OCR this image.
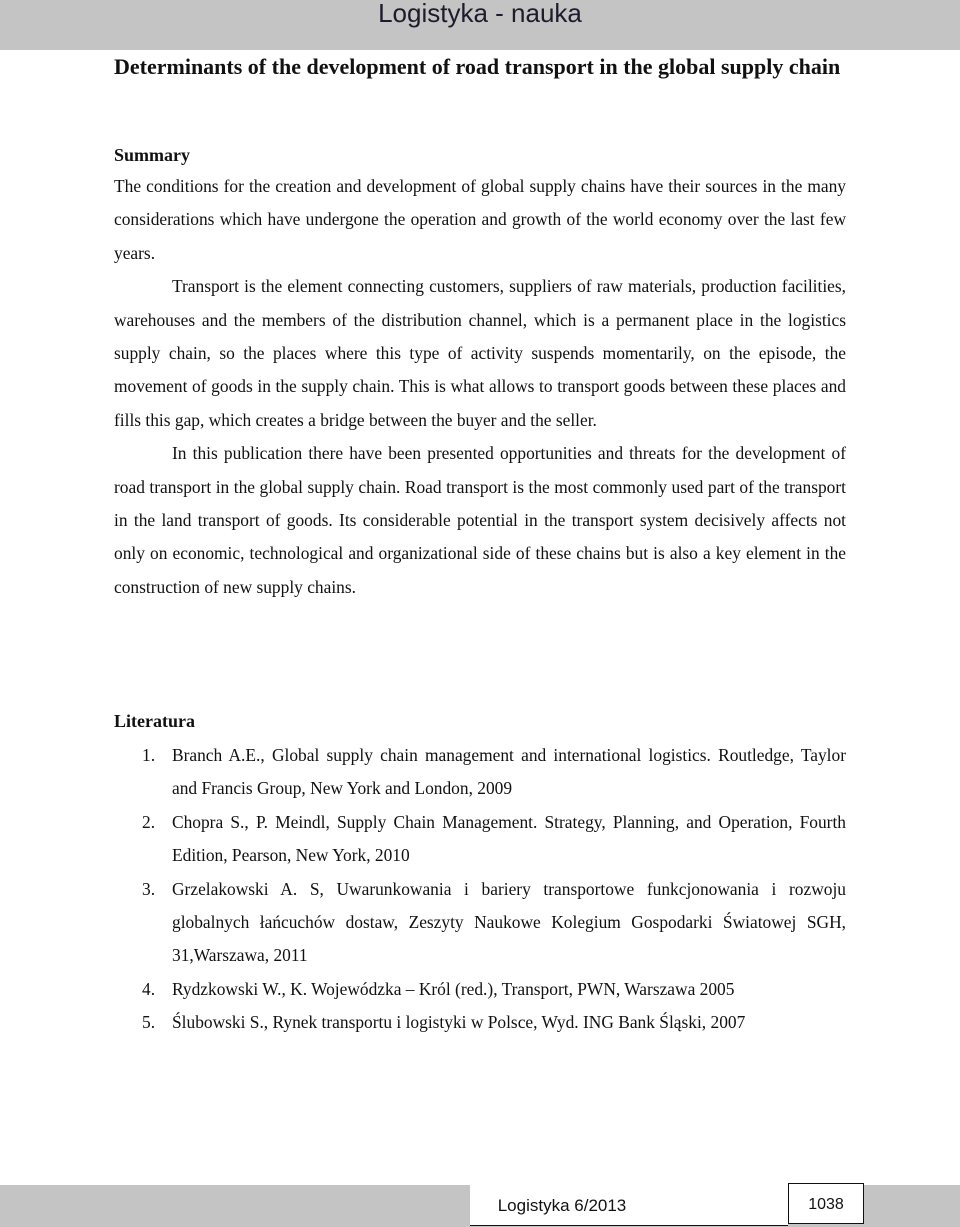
Logistyka - nauka
Determinants of the development of road transport in the global supply chain
Summary

The conditions for the creation and development of global supply chains have their sources in the many considerations which have undergone the operation and growth of the world economy over the last few years.

Transport is the element connecting customers, suppliers of raw materials, production facilities, warehouses and the members of the distribution channel, which is a permanent place in the logistics supply chain, so the places where this type of activity suspends momentarily, on the episode, the movement of goods in the supply chain. This is what allows to transport goods between these places and fills this gap, which creates a bridge between the buyer and the seller.

In this publication there have been presented opportunities and threats for the development of road transport in the global supply chain. Road transport is the most commonly used part of the transport in the land transport of goods. Its considerable potential in the transport system decisively affects not only on economic, technological and organizational side of these chains but is also a key element in the construction of new supply chains.

Literatura
1. Branch A.E., Global supply chain management and international logistics. Routledge, Taylor and Francis Group, New York and London, 2009
2. Chopra S., P. Meindl, Supply Chain Management. Strategy, Planning, and Operation, Fourth Edition, Pearson, New York, 2010
3. Grzelakowski A. S, Uwarunkowania i bariery transportowe funkcjonowania i rozwoju globalnych łańcuchów dostaw, Zeszyty Naukowe Kolegium Gospodarki Światowej SGH, 31,Warszawa, 2011
4. Rydzkowski W., K. Wojewódzka – Król (red.), Transport, PWN, Warszawa 2005
5. Ślubowski S., Rynek transportu i logistyki w Polsce, Wyd. ING Bank Śląski, 2007
Logistyka 6/2013	1038
